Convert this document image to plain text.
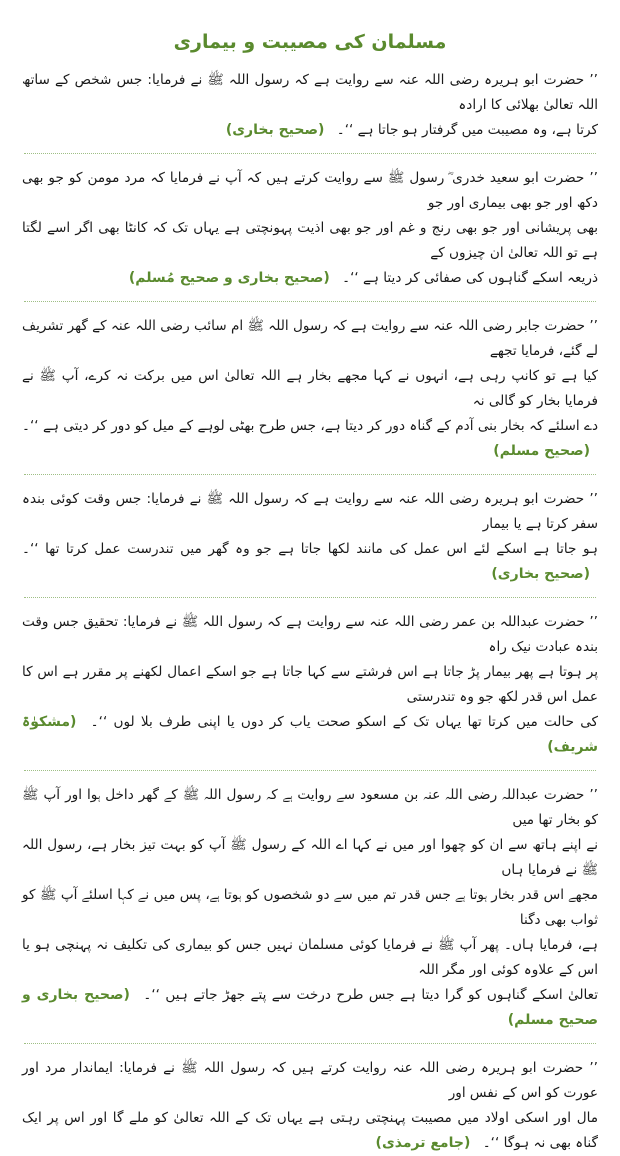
مسلمان کی مصیبت و بیماری

’’ حضرت ابو ہریرہ رضی اللہ عنہ سے روایت ہے کہ رسول اللہ ﷺ نے فرمایا: جس شخص کے ساتھ اللہ تعالیٰ بھلائی کا ارادہ
کرتا ہے، وہ مصیبت میں گرفتار ہو جاتا ہے ‘‘۔ (صحیح بخاری)

’’ حضرت ابو سعید خدری ؓ رسول ﷺ سے روایت کرتے ہیں کہ آپ نے فرمایا کہ مرد مومن کو جو بھی دکھ اور جو بھی بیماری اور جو
بھی پریشانی اور جو بھی رنج و غم اور جو بھی اذیت پہونچتی ہے یہاں تک کہ کانٹا بھی اگر اسے لگتا ہے تو اللہ تعالیٰ ان چیزوں کے
ذریعہ اسکے گناہوں کی صفائی کر دیتا ہے ‘‘۔ (صحیح بخاری و صحیح مُسلم)

’’ حضرت جابر رضی اللہ عنہ سے روایت ہے کہ رسول اللہ ﷺ ام سائب رضی اللہ عنہ کے گھر تشریف لے گئے، فرمایا تجھے
کیا ہے تو کانپ رہی ہے، انہوں نے کہا مجھے بخار ہے اللہ تعالیٰ اس میں برکت نہ کرے، آپ ﷺ نے فرمایا بخار کو گالی نہ
دے اسلئے کہ بخار بنی آدم کے گناہ دور کر دیتا ہے، جس طرح بھٹی لوہے کے میل کو دور کر دیتی ہے ‘‘۔ (صحیح مسلم)

’’ حضرت ابو ہریرہ رضی اللہ عنہ سے روایت ہے کہ رسول اللہ ﷺ نے فرمایا: جس وقت کوئی بندہ سفر کرتا ہے یا بیمار
ہو جاتا ہے اسکے لئے اس عمل کی مانند لکھا جاتا ہے جو وہ گھر میں تندرست عمل کرتا تھا ‘‘۔ (صحیح بخاری)

’’ حضرت عبداللہ بن عمر رضی اللہ عنہ سے روایت ہے کہ رسول اللہ ﷺ نے فرمایا: تحقیق جس وقت بندہ عبادت نیک راہ
پر ہوتا ہے پھر بیمار پڑ جاتا ہے اس فرشتے سے کہا جاتا ہے جو اسکے اعمال لکھنے پر مقرر ہے اس کا عمل اس قدر لکھ جو وہ تندرستی
کی حالت میں کرتا تھا یہاں تک کے اسکو صحت یاب کر دوں یا اپنی طرف بلا لوں ‘‘۔ (مشکوٰۃ شریف)

’’ حضرت عبداللہ رضی اللہ عنہ بن مسعود سے روایت ہے کہ رسول اللہ ﷺ کے گھر داخل ہوا اور آپ ﷺ کو بخار تھا میں
نے اپنے ہاتھ سے ان کو چھوا اور میں نے کہا اے اللہ کے رسول ﷺ آپ کو بہت تیز بخار ہے، رسول اللہ ﷺ نے فرمایا ہاں
مجھے اس قدر بخار ہوتا ہے جس قدر تم میں سے دو شخصوں کو ہوتا ہے، پس میں نے کہا اسلئے آپ ﷺ کو ثواب بھی دگنا
ہے، فرمایا ہاں۔ پھر آپ ﷺ نے فرمایا کوئی مسلمان نہیں جس کو بیماری کی تکلیف نہ پہنچی ہو یا اس کے علاوہ کوئی اور مگر اللہ
تعالیٰ اسکے گناہوں کو گرا دیتا ہے جس طرح درخت سے پتے جھڑ جاتے ہیں ‘‘۔ (صحیح بخاری و صحیح مسلم)

’’ حضرت ابو ہریرہ رضی اللہ عنہ روایت کرتے ہیں کہ رسول اللہ ﷺ نے فرمایا: ایماندار مرد اور عورت کو اس کے نفس اور
مال اور اسکی اولاد میں مصیبت پہنچتی رہتی ہے یہاں تک کے اللہ تعالیٰ کو ملے گا اور اس پر ایک گناہ بھی نہ ہوگا ‘‘۔ (جامع ترمذی)
